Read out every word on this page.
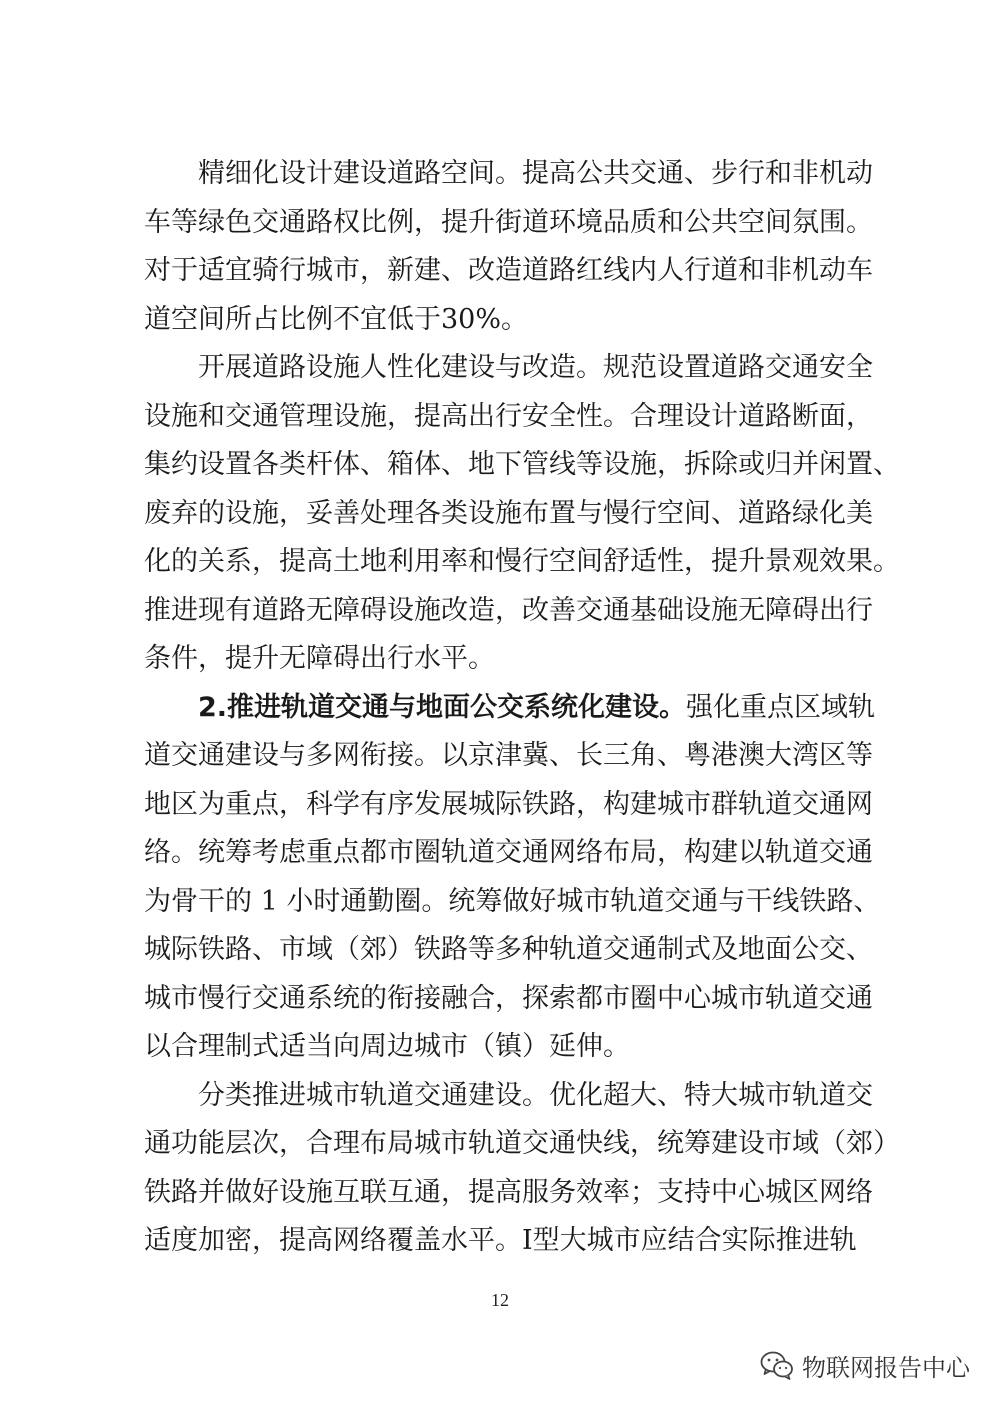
精细化设计建设道路空间。提高公共交通、步行和非机动
车等绿色交通路权比例，提升街道环境品质和公共空间氛围。
对于适宜骑行城市，新建、改造道路红线内人行道和非机动车
道空间所占比例不宜低于30%。
开展道路设施人性化建设与改造。规范设置道路交通安全
设施和交通管理设施，提高出行安全性。合理设计道路断面，
集约设置各类杆体、箱体、地下管线等设施，拆除或归并闲置、
废弃的设施，妥善处理各类设施布置与慢行空间、道路绿化美
化的关系，提高土地利用率和慢行空间舒适性，提升景观效果。
推进现有道路无障碍设施改造，改善交通基础设施无障碍出行
条件，提升无障碍出行水平。
2.推进轨道交通与地面公交系统化建设。强化重点区域轨
道交通建设与多网衔接。以京津冀、长三角、粤港澳大湾区等
地区为重点，科学有序发展城际铁路，构建城市群轨道交通网
络。统筹考虑重点都市圈轨道交通网络布局，构建以轨道交通
为骨干的 1 小时通勤圈。统筹做好城市轨道交通与干线铁路、
城际铁路、市域（郊）铁路等多种轨道交通制式及地面公交、
城市慢行交通系统的衔接融合，探索都市圈中心城市轨道交通
以合理制式适当向周边城市（镇）延伸。
分类推进城市轨道交通建设。优化超大、特大城市轨道交
通功能层次，合理布局城市轨道交通快线，统筹建设市域（郊）
铁路并做好设施互联互通，提高服务效率；支持中心城区网络
适度加密，提高网络覆盖水平。I型大城市应结合实际推进轨
12
物联网报告中心
